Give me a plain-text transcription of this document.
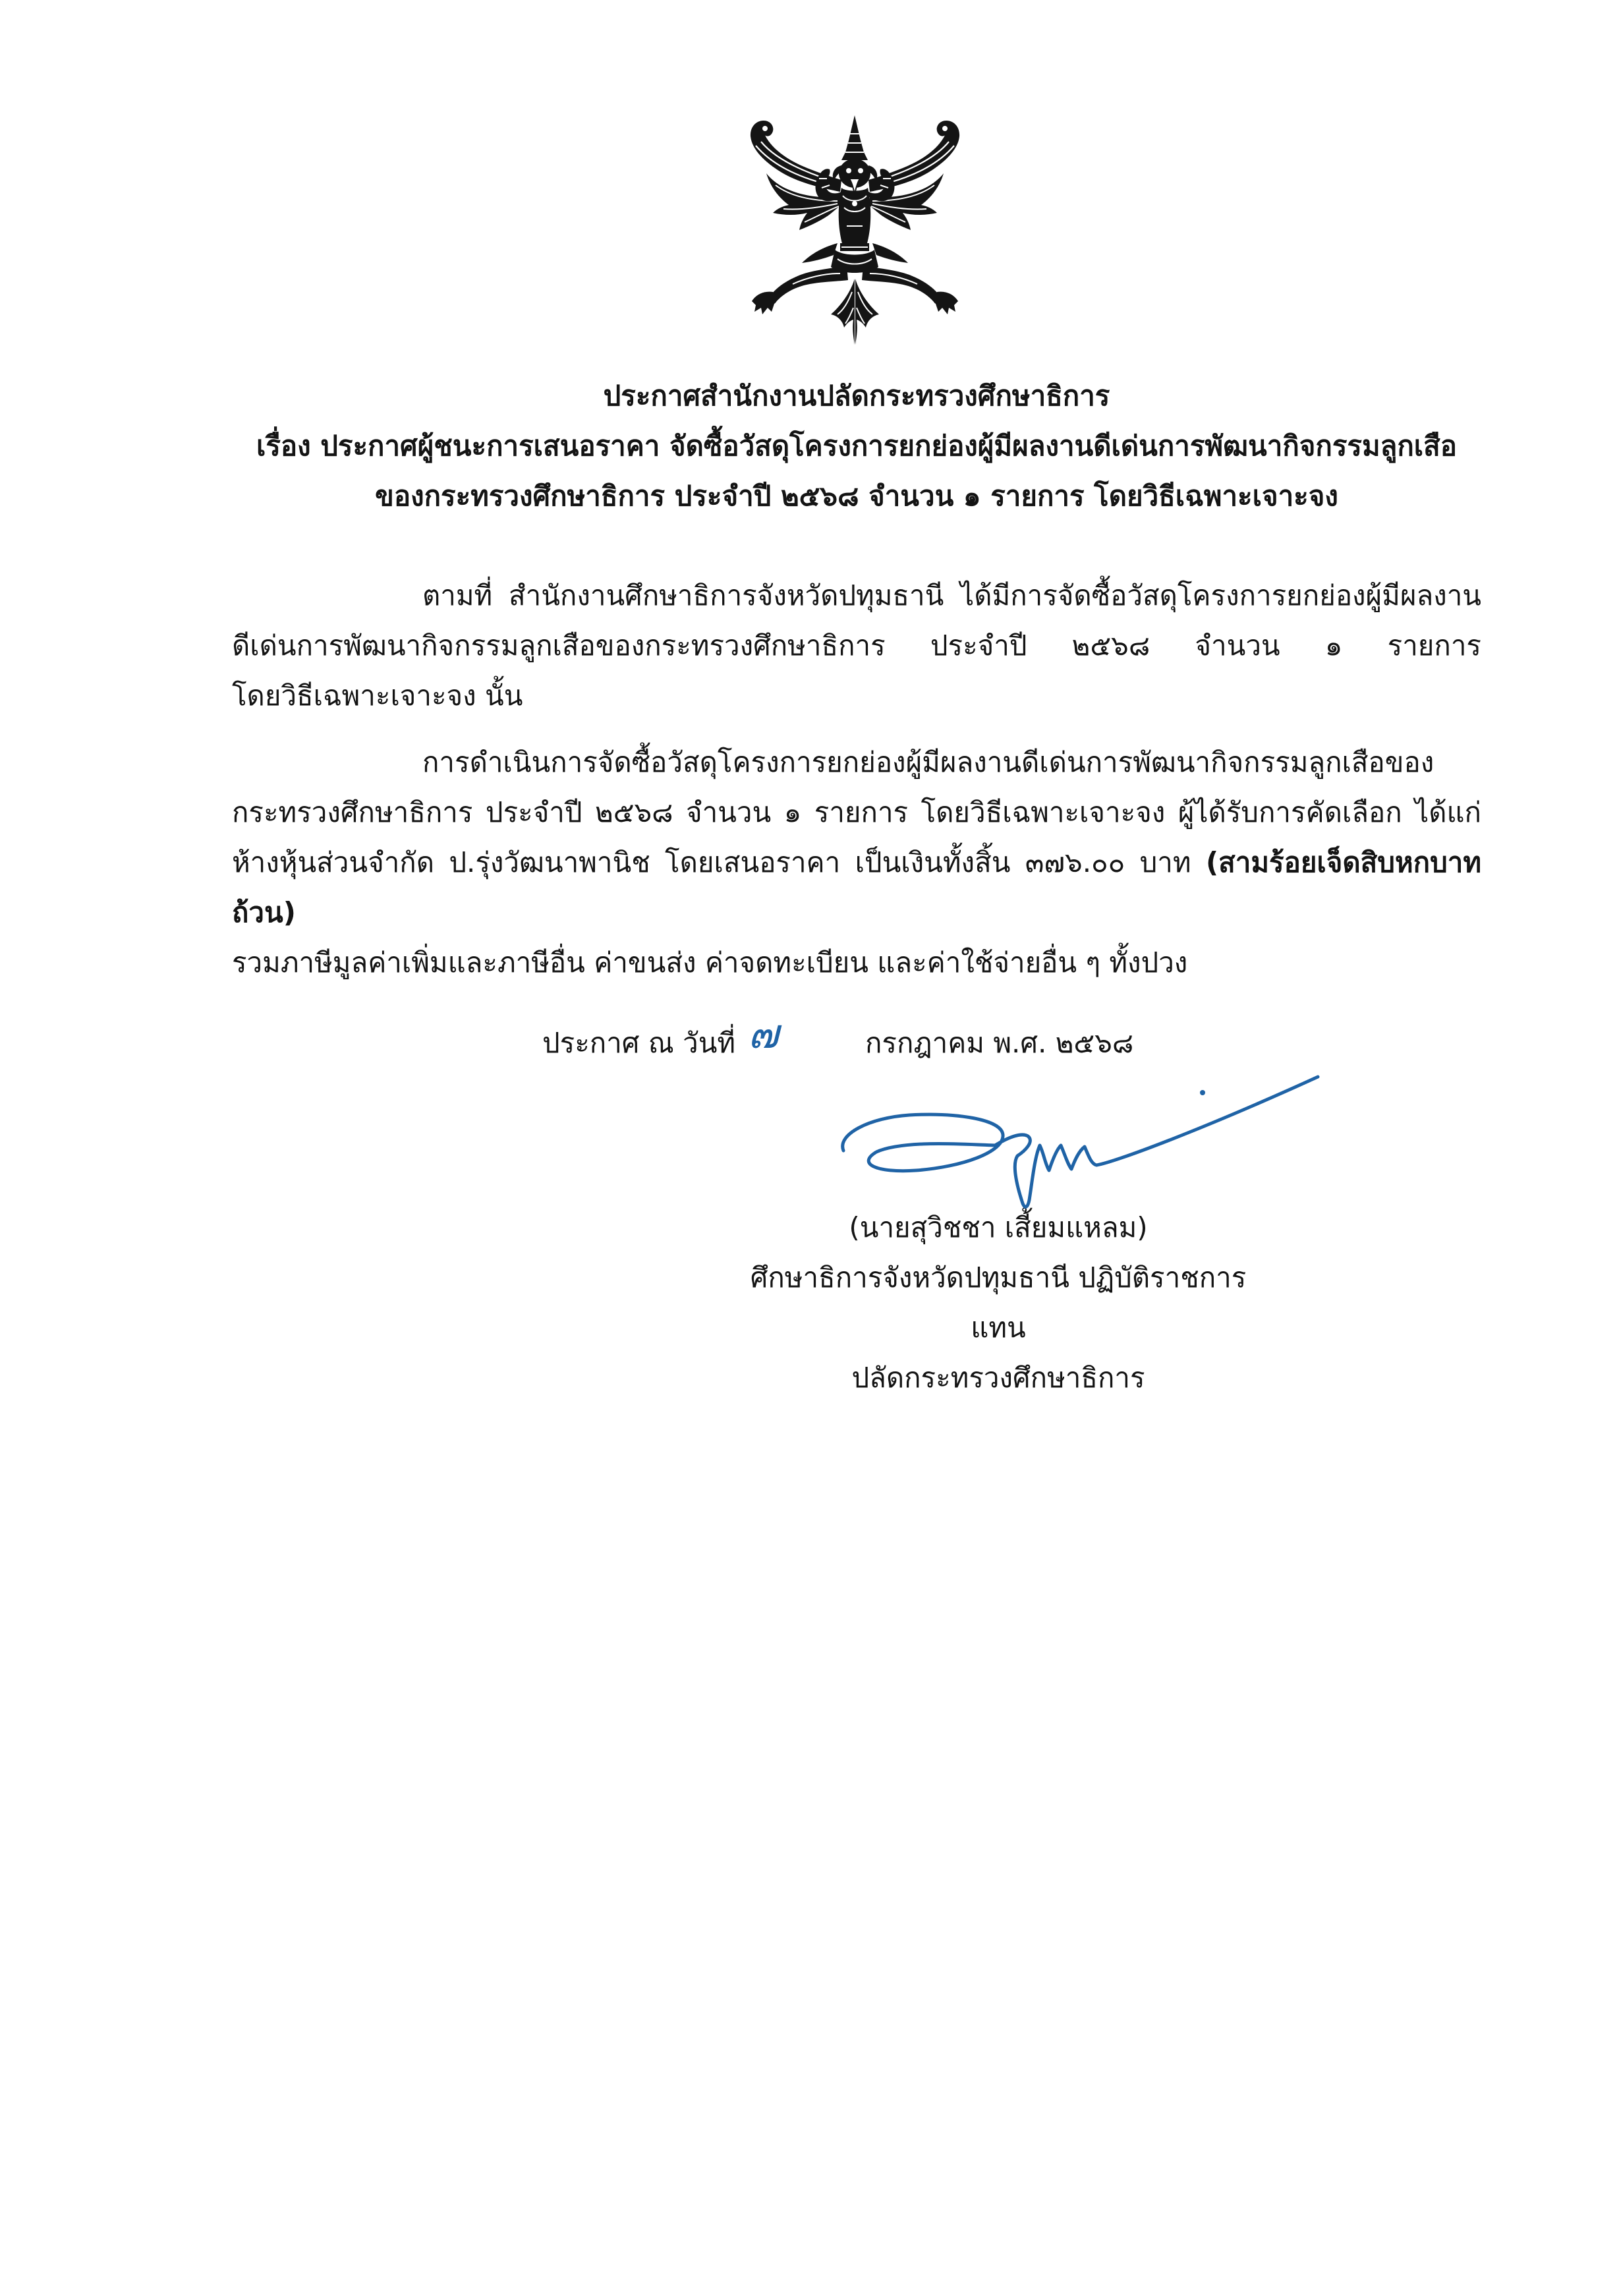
ประกาศสำนักงานปลัดกระทรวงศึกษาธิการ
เรื่อง ประกาศผู้ชนะการเสนอราคา จัดซื้อวัสดุโครงการยกย่องผู้มีผลงานดีเด่นการพัฒนากิจกรรมลูกเสือ
ของกระทรวงศึกษาธิการ ประจำปี ๒๕๖๘ จำนวน ๑ รายการ โดยวิธีเฉพาะเจาะจง
ตามที่ สำนักงานศึกษาธิการจังหวัดปทุมธานี ได้มีการจัดซื้อวัสดุโครงการยกย่องผู้มีผลงาน
ดีเด่นการพัฒนากิจกรรมลูกเสือของกระทรวงศึกษาธิการ ประจำปี ๒๕๖๘ จำนวน ๑ รายการ
โดยวิธีเฉพาะเจาะจง นั้น
การดำเนินการจัดซื้อวัสดุโครงการยกย่องผู้มีผลงานดีเด่นการพัฒนากิจกรรมลูกเสือของ
กระทรวงศึกษาธิการ ประจำปี ๒๕๖๘ จำนวน ๑ รายการ โดยวิธีเฉพาะเจาะจง ผู้ได้รับการคัดเลือก ได้แก่
ห้างหุ้นส่วนจำกัด ป.รุ่งวัฒนาพานิช โดยเสนอราคา เป็นเงินทั้งสิ้น ๓๗๖.๐๐ บาท (สามร้อยเจ็ดสิบหกบาทถ้วน)
รวมภาษีมูลค่าเพิ่มและภาษีอื่น ค่าขนส่ง ค่าจดทะเบียน และค่าใช้จ่ายอื่น ๆ ทั้งปวง
ประกาศ ณ วันที่ ๗	กรกฎาคม พ.ศ. ๒๕๖๘
(นายสุวิชชา เสี้ยมแหลม)
ศึกษาธิการจังหวัดปทุมธานี ปฏิบัติราชการแทน
ปลัดกระทรวงศึกษาธิการ
